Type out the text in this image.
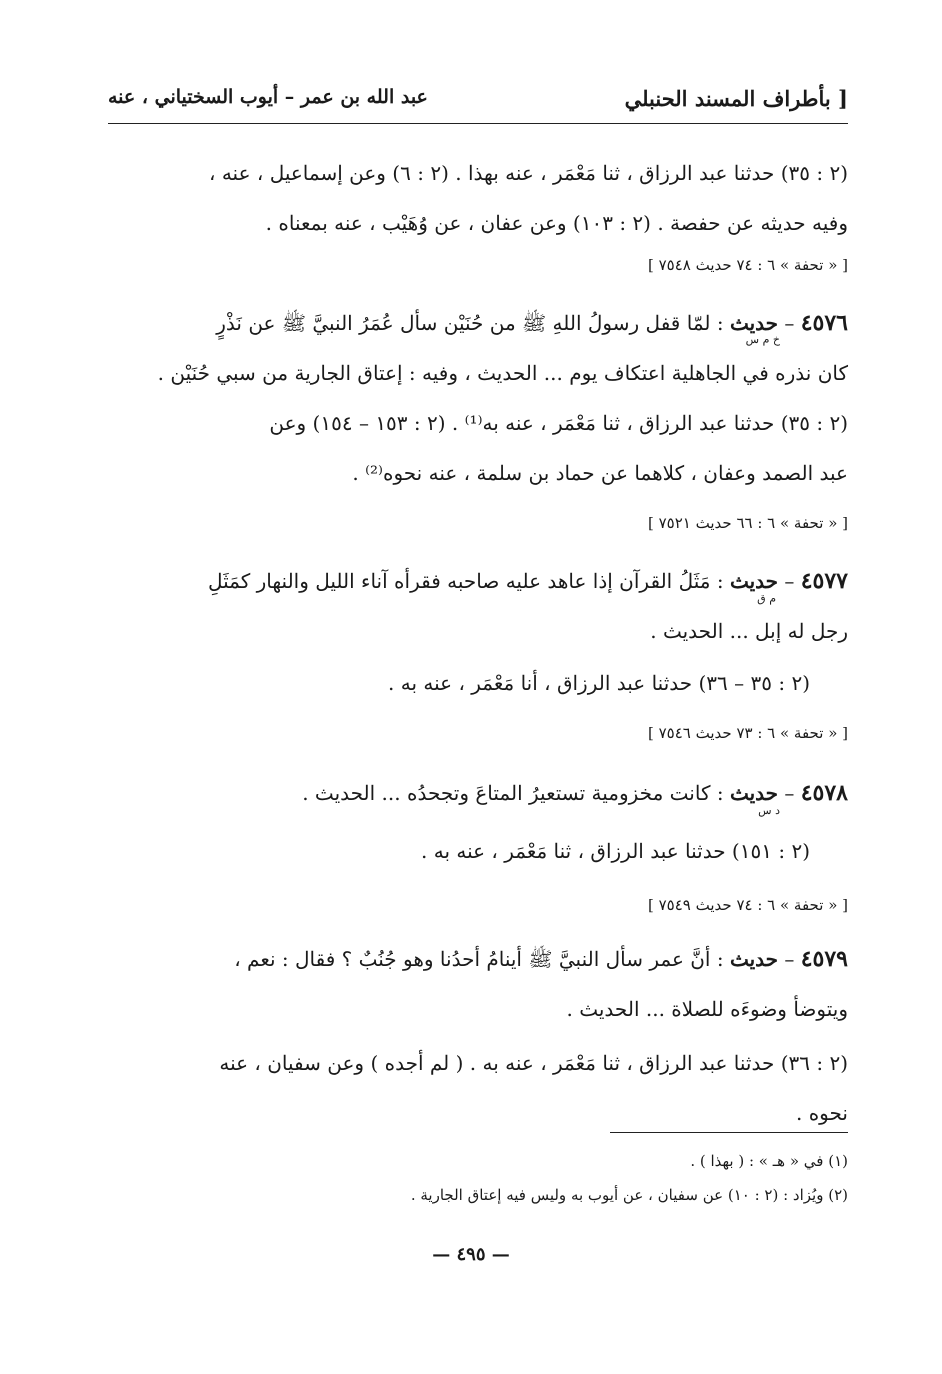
بأطراف المسند الحنبلي ]
عبد الله بن عمر – أيوب السختياني ، عنه
(٢ : ٣٥) حدثنا عبد الرزاق ، ثنا مَعْمَر ، عنه بهذا . (٢ : ٦) وعن إسماعيل ، عنه ،
وفيه حديثه عن حفصة . (٢ : ١٠٣) وعن عفان ، عن وُهَيْب ، عنه بمعناه .
[ « تحفة » ٦ : ٧٤ حديث ٧٥٤٨ ]
٤٥٧٦ – حديث : لمّا قفل رسولُ اللهِ ﷺ من حُنَيْن سأل عُمَرُ النبيَّ ﷺ عن نَذْرٍ
كان نذره في الجاهلية اعتكاف يوم ... الحديث ، وفيه : إعتاق الجارية من سبي حُنَيْن .
خ م س
(٢ : ٣٥) حدثنا عبد الرزاق ، ثنا مَعْمَر ، عنه به⁽¹⁾ . (٢ : ١٥٣ – ١٥٤) وعن
عبد الصمد وعفان ، كلاهما عن حماد بن سلمة ، عنه نحوه⁽²⁾ .
[ « تحفة » ٦ : ٦٦ حديث ٧٥٢١ ]
٤٥٧٧ – حديث : مَثَلُ القرآن إذا عاهد عليه صاحبه فقرأه آناء الليل والنهار كمَثَلِ
رجل له إبل ... الحديث .
م ق
(٢ : ٣٥ – ٣٦) حدثنا عبد الرزاق ، أنا مَعْمَر ، عنه به .
[ « تحفة » ٦ : ٧٣ حديث ٧٥٤٦ ]
٤٥٧٨ – حديث : كانت مخزومية تستعيرُ المتاعَ وتجحدُه ... الحديث .
د س
(٢ : ١٥١) حدثنا عبد الرزاق ، ثنا مَعْمَر ، عنه به .
[ « تحفة » ٦ : ٧٤ حديث ٧٥٤٩ ]
٤٥٧٩ – حديث : أنَّ عمر سأل النبيَّ ﷺ أينامُ أحدُنا وهو جُنُبٌ ؟ فقال : نعم ،
ويتوضأ وضوءَه للصلاة ... الحديث .
(٢ : ٣٦) حدثنا عبد الرزاق ، ثنا مَعْمَر ، عنه به . ( لم أجده ) وعن سفيان ، عنه
نحوه .
(١) في « هـ » : ( بهذا ) .
(٢) ويُزاد : (٢ : ١٠) عن سفيان ، عن أيوب به وليس فيه إعتاق الجارية .
— ٤٩٥ —
